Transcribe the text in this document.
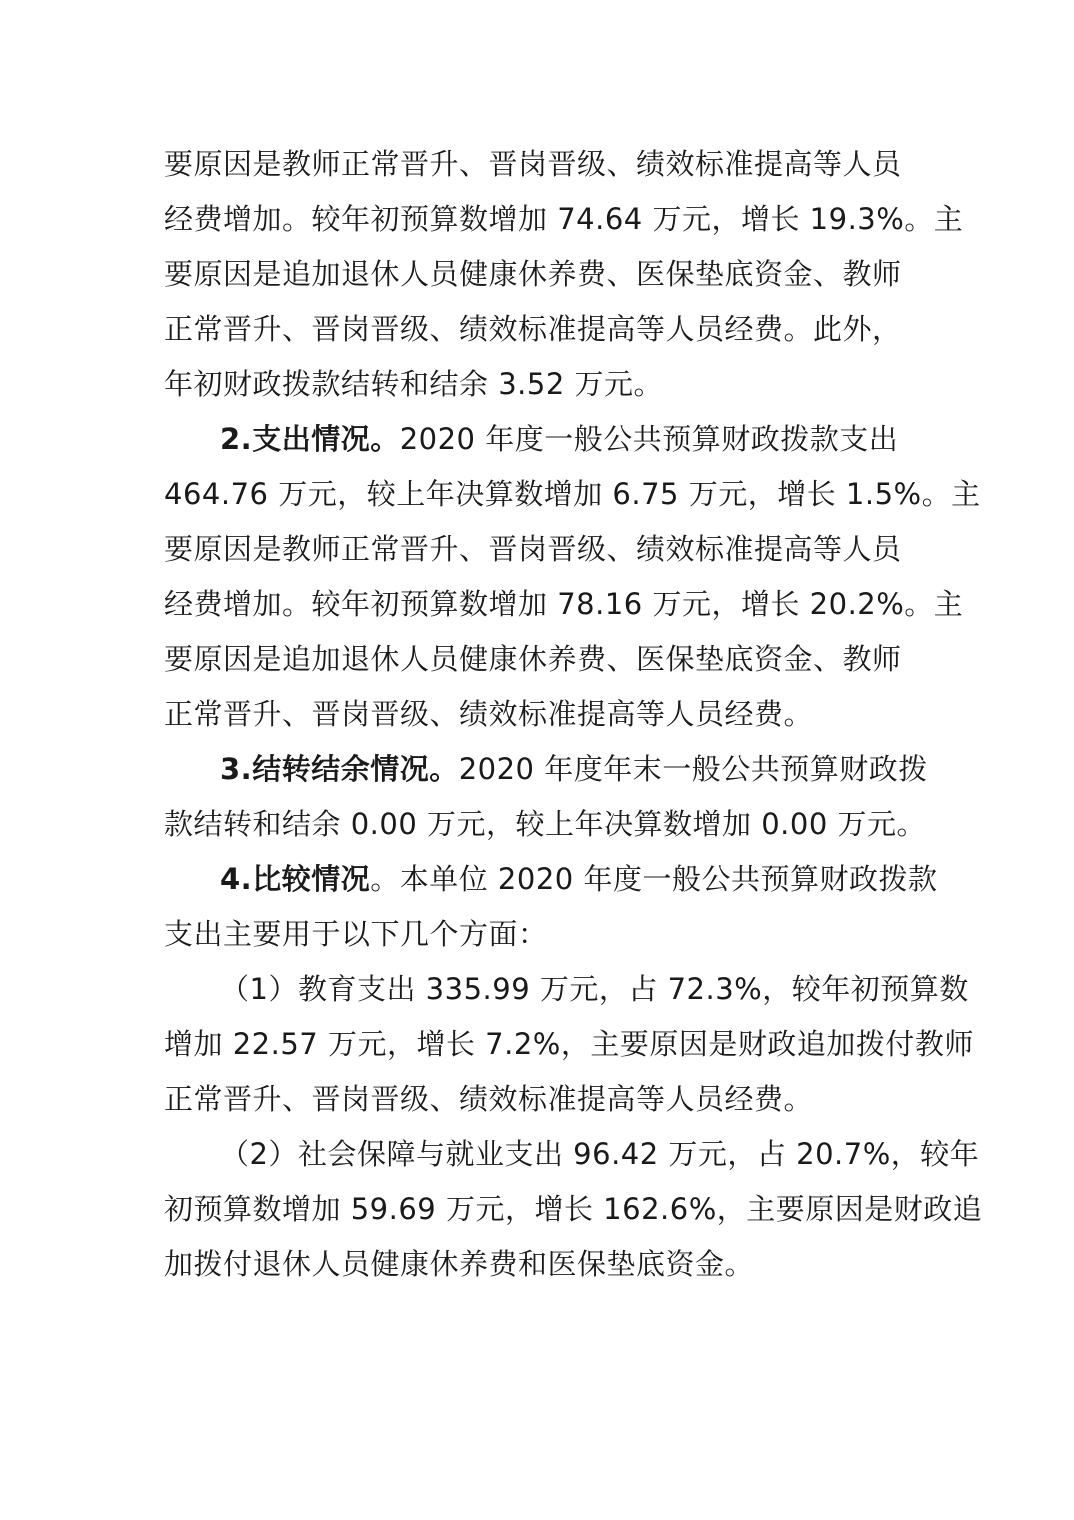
要原因是教师正常晋升、晋岗晋级、绩效标准提高等人员
经费增加。较年初预算数增加 74.64 万元，增长 19.3%。主
要原因是追加退休人员健康休养费、医保垫底资金、教师
正常晋升、晋岗晋级、绩效标准提高等人员经费。此外，
年初财政拨款结转和结余 3.52 万元。
2.支出情况。2020 年度一般公共预算财政拨款支出
464.76 万元，较上年决算数增加 6.75 万元，增长 1.5%。主
要原因是教师正常晋升、晋岗晋级、绩效标准提高等人员
经费增加。较年初预算数增加 78.16 万元，增长 20.2%。主
要原因是追加退休人员健康休养费、医保垫底资金、教师
正常晋升、晋岗晋级、绩效标准提高等人员经费。
3.结转结余情况。2020 年度年末一般公共预算财政拨
款结转和结余 0.00 万元，较上年决算数增加 0.00 万元。
4.比较情况。本单位 2020 年度一般公共预算财政拨款
支出主要用于以下几个方面：
（1）教育支出 335.99 万元，占 72.3%，较年初预算数
增加 22.57 万元，增长 7.2%，主要原因是财政追加拨付教师
正常晋升、晋岗晋级、绩效标准提高等人员经费。
（2）社会保障与就业支出 96.42 万元，占 20.7%，较年
初预算数增加 59.69 万元，增长 162.6%，主要原因是财政追
加拨付退休人员健康休养费和医保垫底资金。
